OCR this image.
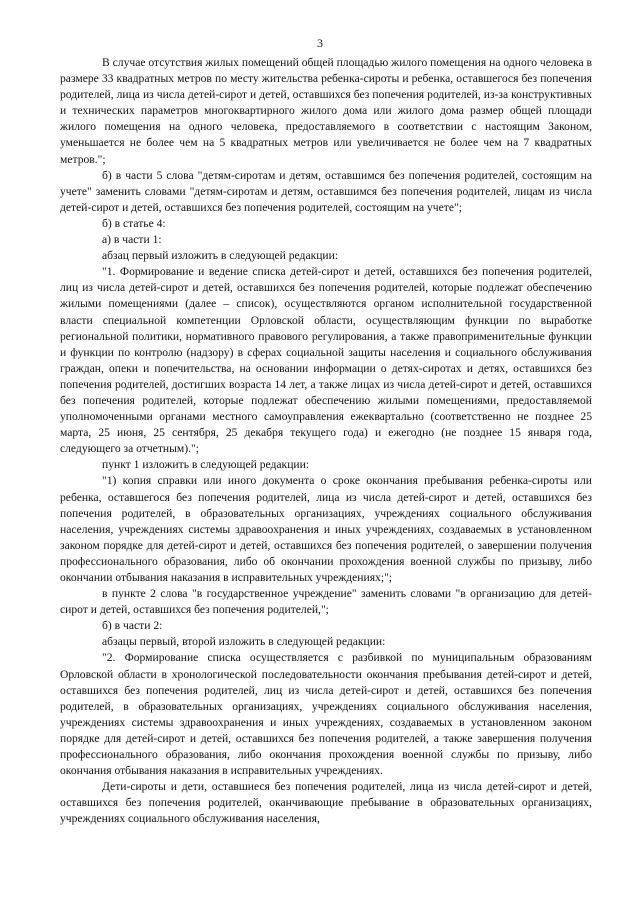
3

В случае отсутствия жилых помещений общей площадью жилого помещения на одного человека в размере 33 квадратных метров по месту жительства ребенка-сироты и ребенка, оставшегося без попечения родителей, лица из числа детей-сирот и детей, оставшихся без попечения родителей, из-за конструктивных и технических параметров многоквартирного жилого дома или жилого дома размер общей площади жилого помещения на одного человека, предоставляемого в соответствии с настоящим Законом, уменьшается не более чем на 5 квадратных метров или увеличивается не более чем на 7 квадратных метров.";

б) в части 5 слова "детям-сиротам и детям, оставшимся без попечения родителей, состоящим на учете" заменить словами "детям-сиротам и детям, оставшимся без попечения родителей, лицам из числа детей-сирот и детей, оставшихся без попечения родителей, состоящим на учете";

б) в статье 4:

а) в части 1:

абзац первый изложить в следующей редакции:

"1. Формирование и ведение списка детей-сирот и детей, оставшихся без попечения родителей, лиц из числа детей-сирот и детей, оставшихся без попечения родителей, которые подлежат обеспечению жилыми помещениями (далее – список), осуществляются органом исполнительной государственной власти специальной компетенции Орловской области, осуществляющим функции по выработке региональной политики, нормативного правового регулирования, а также правоприменительные функции и функции по контролю (надзору) в сферах социальной защиты населения и социального обслуживания граждан, опеки и попечительства, на основании информации о детях-сиротах и детях, оставшихся без попечения родителей, достигших возраста 14 лет, а также лицах из числа детей-сирот и детей, оставшихся без попечения родителей, которые подлежат обеспечению жилыми помещениями, предоставляемой уполномоченными органами местного самоуправления ежеквартально (соответственно не позднее 25 марта, 25 июня, 25 сентября, 25 декабря текущего года) и ежегодно (не позднее 15 января года, следующего за отчетным).";

пункт 1 изложить в следующей редакции:

"1) копия справки или иного документа о сроке окончания пребывания ребенка-сироты или ребенка, оставшегося без попечения родителей, лица из числа детей-сирот и детей, оставшихся без попечения родителей, в образовательных организациях, учреждениях социального обслуживания населения, учреждениях системы здравоохранения и иных учреждениях, создаваемых в установленном законом порядке для детей-сирот и детей, оставшихся без попечения родителей, о завершении получения профессионального образования, либо об окончании прохождения военной службы по призыву, либо окончании отбывания наказания в исправительных учреждениях;";

в пункте 2 слова "в государственное учреждение" заменить словами "в организацию для детей-сирот и детей, оставшихся без попечения родителей,";

б) в части 2:

абзацы первый, второй изложить в следующей редакции:

"2. Формирование списка осуществляется с разбивкой по муниципальным образованиям Орловской области в хронологической последовательности окончания пребывания детей-сирот и детей, оставшихся без попечения родителей, лиц из числа детей-сирот и детей, оставшихся без попечения родителей, в образовательных организациях, учреждениях социального обслуживания населения, учреждениях системы здравоохранения и иных учреждениях, создаваемых в установленном законом порядке для детей-сирот и детей, оставшихся без попечения родителей, а также завершения получения профессионального образования, либо окончания прохождения военной службы по призыву, либо окончания отбывания наказания в исправительных учреждениях.

Дети-сироты и дети, оставшиеся без попечения родителей, лица из числа детей-сирот и детей, оставшихся без попечения родителей, оканчивающие пребывание в образовательных организациях, учреждениях социального обслуживания населения,
